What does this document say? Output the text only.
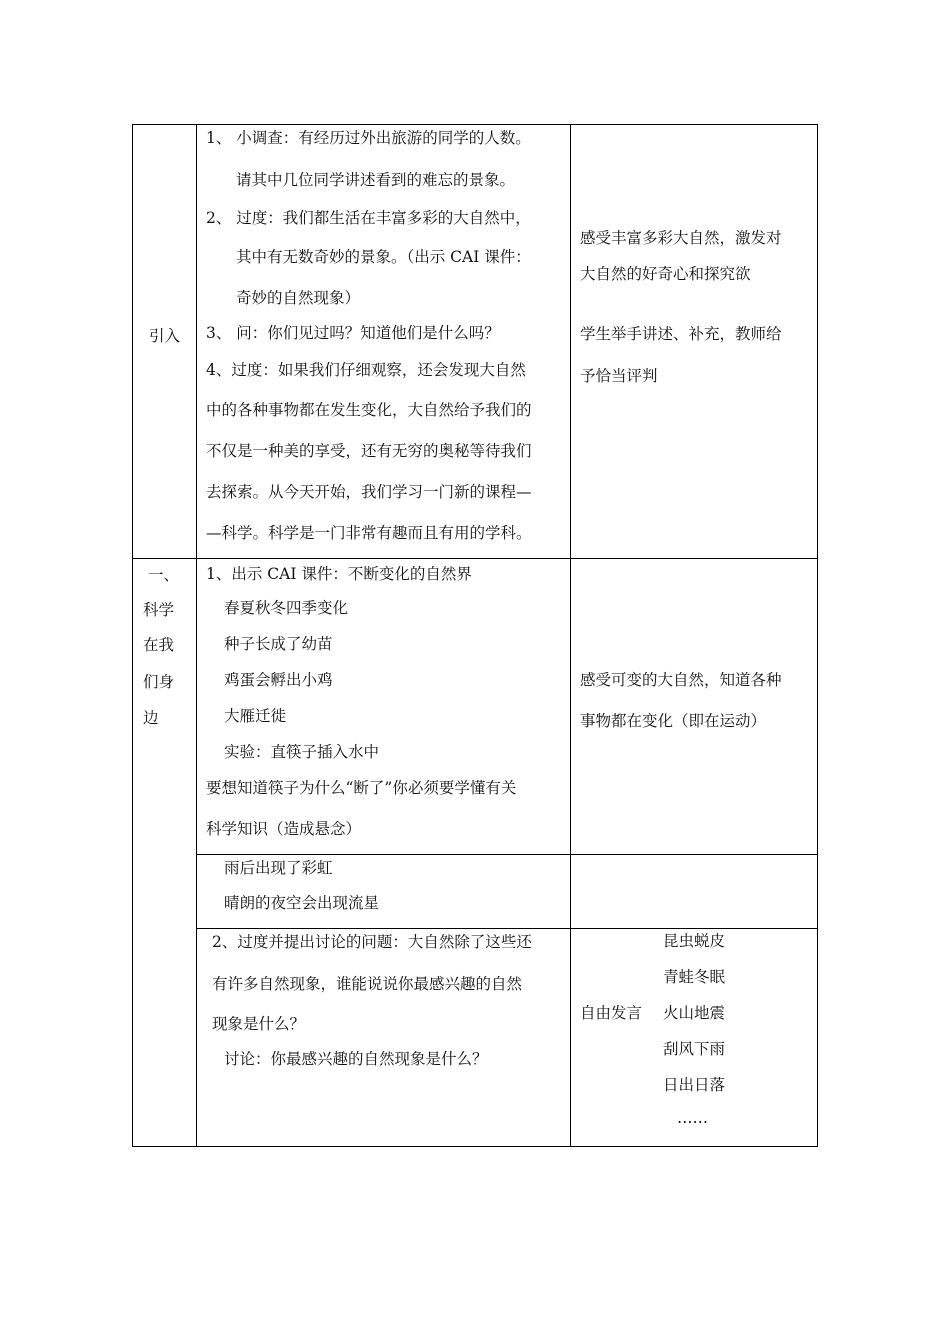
引入
1、 小调查：有经历过外出旅游的同学的人数。
请其中几位同学讲述看到的难忘的景象。
2、 过度：我们都生活在丰富多彩的大自然中，
其中有无数奇妙的景象。（出示 CAI 课件：
奇妙的自然现象）
3、 问：你们见过吗？知道他们是什么吗？
4、过度：如果我们仔细观察，还会发现大自然
中的各种事物都在发生变化，大自然给予我们的
不仅是一种美的享受，还有无穷的奥秘等待我们
去探索。从今天开始，我们学习一门新的课程—
—科学。科学是一门非常有趣而且有用的学科。
感受丰富多彩大自然，激发对
大自然的好奇心和探究欲
学生举手讲述、补充，教师给
予恰当评判
一、
科学
在我
们身
边
1、出示 CAI 课件：不断变化的自然界
春夏秋冬四季变化
种子长成了幼苗
鸡蛋会孵出小鸡
大雁迁徙
实验：直筷子插入水中
要想知道筷子为什么“断了”你必须要学懂有关
科学知识（造成悬念）
感受可变的大自然，知道各种
事物都在变化（即在运动）
雨后出现了彩虹
晴朗的夜空会出现流星
2、过度并提出讨论的问题：大自然除了这些还
有许多自然现象，谁能说说你最感兴趣的自然
现象是什么？
讨论：你最感兴趣的自然现象是什么？
自由发言
昆虫蜕皮
青蛙冬眠
火山地震
刮风下雨
日出日落
……
